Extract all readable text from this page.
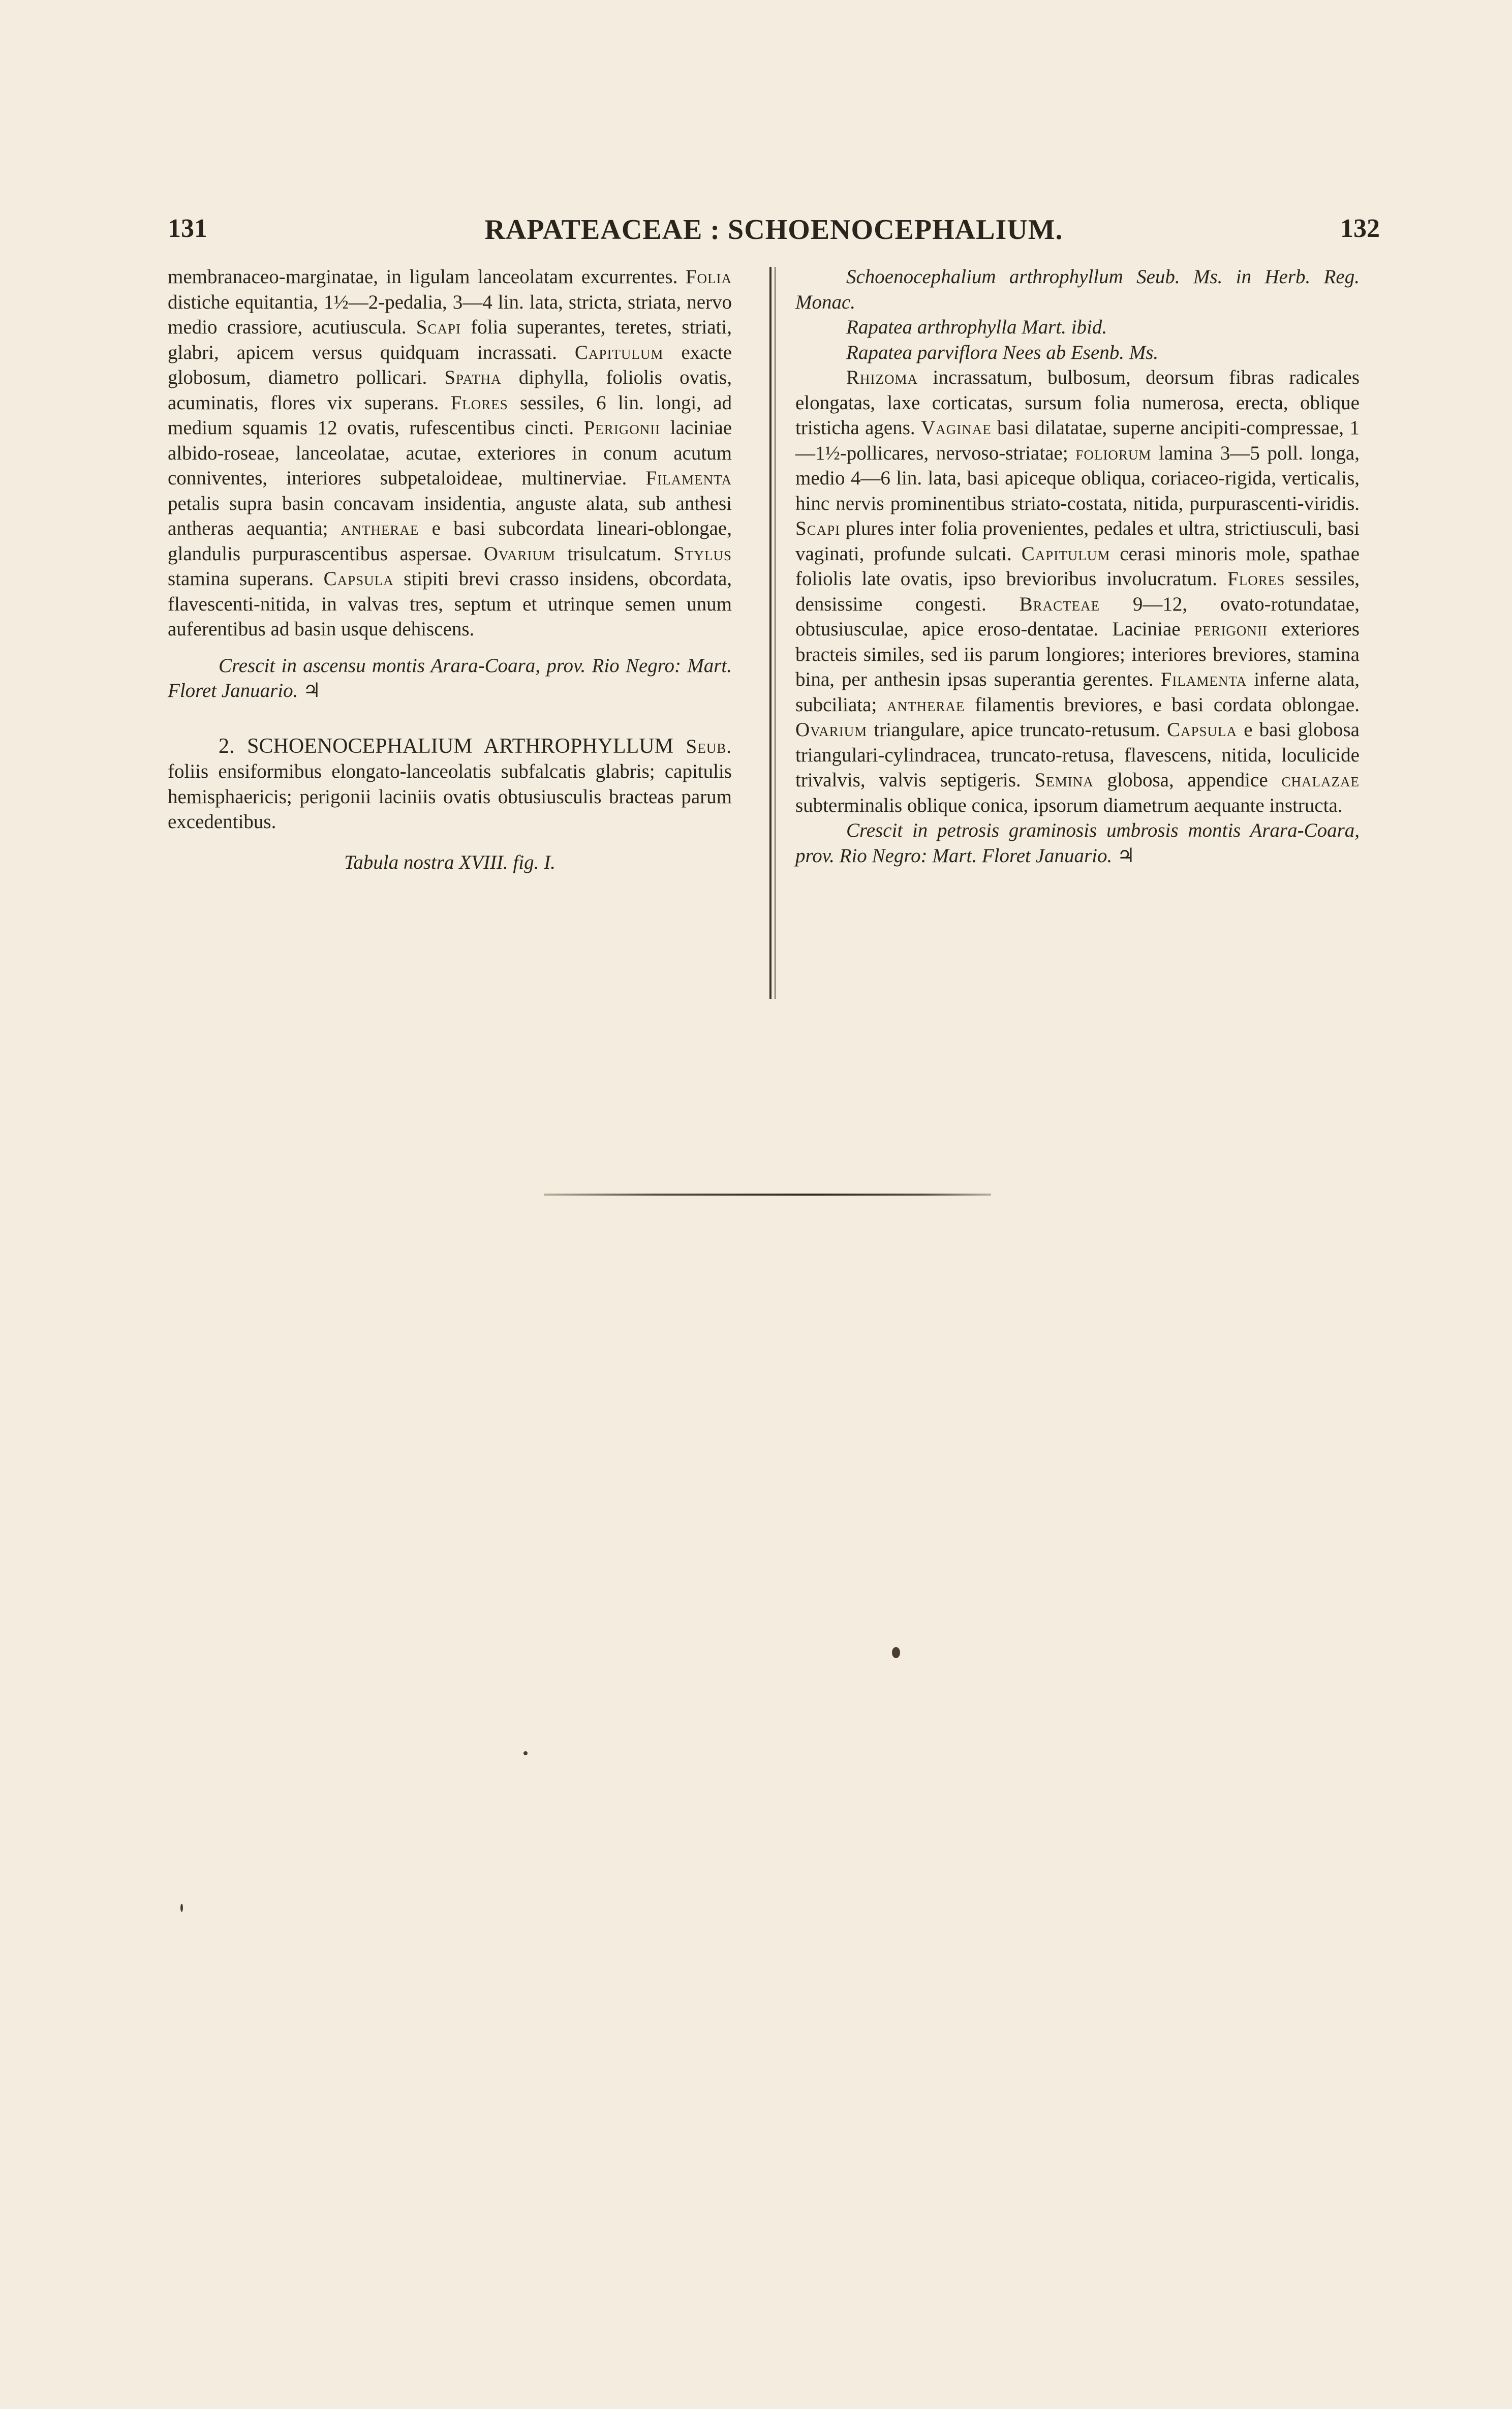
131	RAPATEACEAE : SCHOENOCEPHALIUM.	132

membranaceo-marginatae, in ligulam lanceolatam excurrentes. Folia distiche equitantia, 1½—2-pedalia, 3—4 lin. lata, stricta, striata, nervo medio crassiore, acutiuscula. Scapi folia superantes, teretes, striati, glabri, apicem versus quidquam incrassati. Capitulum exacte globosum, diametro pollicari. Spatha diphylla, foliolis ovatis, acuminatis, flores vix superans. Flores sessiles, 6 lin. longi, ad medium squamis 12 ovatis, rufescentibus cincti. Perigonii laciniae albido-roseae, lanceolatae, acutae, exteriores in conum acutum conniventes, interiores subpetaloideae, multinerviae. Filamenta petalis supra basin concavam insidentia, anguste alata, sub anthesi antheras aequantia; antherae e basi subcordata lineari-oblongae, glandulis purpurascentibus aspersae. Ovarium trisulcatum. Stylus stamina superans. Capsula stipiti brevi crasso insidens, obcordata, flavescenti-nitida, in valvas tres, septum et utrinque semen unum auferentibus ad basin usque dehiscens.

Crescit in ascensu montis Arara-Coara, prov. Rio Negro: Mart. Floret Januario. ♃

2. SCHOENOCEPHALIUM ARTHROPHYLLUM Seub. foliis ensiformibus elongato-lanceolatis subfalcatis glabris; capitulis hemisphaericis; perigonii laciniis ovatis obtusiusculis bracteas parum excedentibus.

Tabula nostra XVIII. fig. I.

Schoenocephalium arthrophyllum Seub. Ms. in Herb. Reg. Monac.

Rapatea arthrophylla Mart. ibid.

Rapatea parviflora Nees ab Esenb. Ms.

Rhizoma incrassatum, bulbosum, deorsum fibras radicales elongatas, laxe corticatas, sursum folia numerosa, erecta, oblique tristicha agens. Vaginae basi dilatatae, superne ancipiti-compressae, 1—1½-pollicares, nervoso-striatae; foliorum lamina 3—5 poll. longa, medio 4—6 lin. lata, basi apiceque obliqua, coriaceo-rigida, verticalis, hinc nervis prominentibus striato-costata, nitida, purpurascenti-viridis. Scapi plures inter folia provenientes, pedales et ultra, strictiusculi, basi vaginati, profunde sulcati. Capitulum cerasi minoris mole, spathae foliolis late ovatis, ipso brevioribus involucratum. Flores sessiles, densissime congesti. Bracteae 9—12, ovato-rotundatae, obtusiusculae, apice eroso-dentatae. Laciniae perigonii exteriores bracteis similes, sed iis parum longiores; interiores breviores, stamina bina, per anthesin ipsas superantia gerentes. Filamenta inferne alata, subciliata; antherae filamentis breviores, e basi cordata oblongae. Ovarium triangulare, apice truncato-retusum. Capsula e basi globosa triangulari-cylindracea, truncato-retusa, flavescens, nitida, loculicide trivalvis, valvis septigeris. Semina globosa, appendice chalazae subterminalis oblique conica, ipsorum diametrum aequante instructa.

Crescit in petrosis graminosis umbrosis montis Arara-Coara, prov. Rio Negro: Mart. Floret Januario. ♃
